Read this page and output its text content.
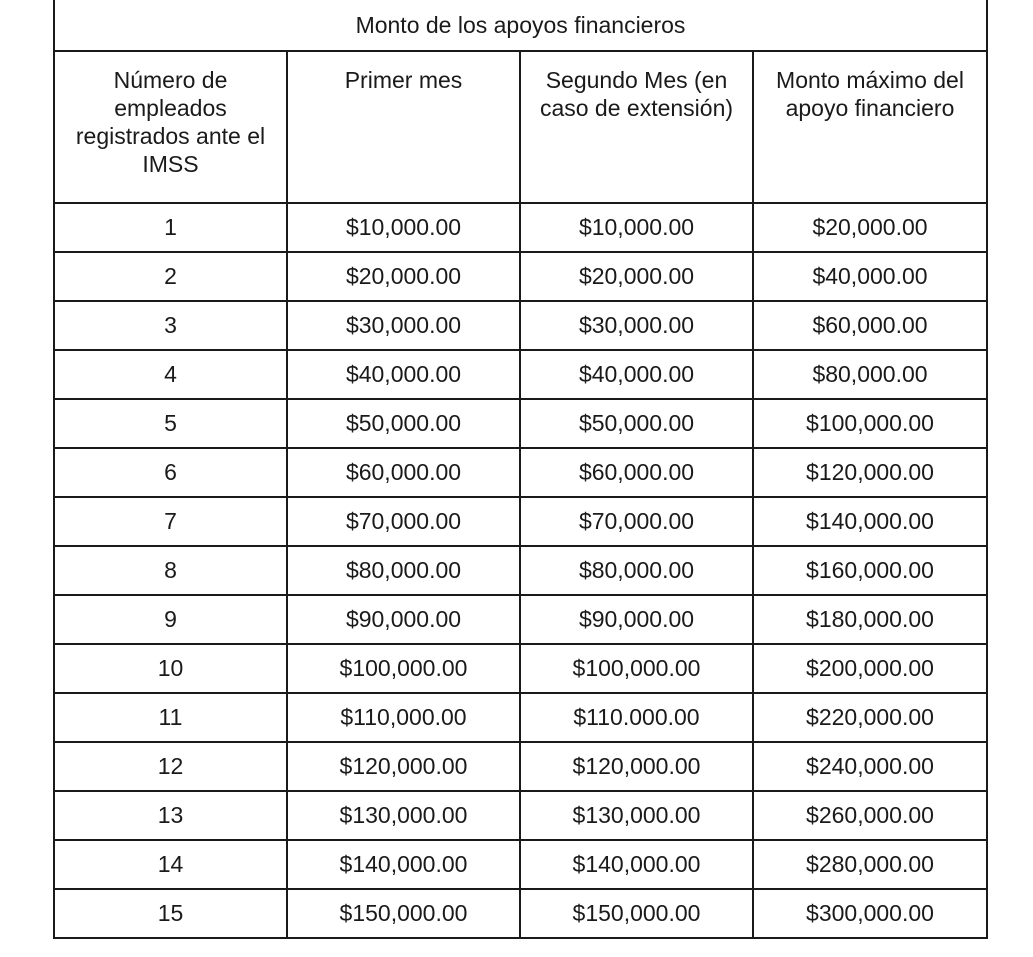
Monto de los apoyos financieros			
Número de empleados registrados ante el IMSS	Primer mes	Segundo Mes (en caso de extensión)	Monto máximo del apoyo financiero
1	$10,000.00	$10,000.00	$20,000.00
2	$20,000.00	$20,000.00	$40,000.00
3	$30,000.00	$30,000.00	$60,000.00
4	$40,000.00	$40,000.00	$80,000.00
5	$50,000.00	$50,000.00	$100,000.00
6	$60,000.00	$60,000.00	$120,000.00
7	$70,000.00	$70,000.00	$140,000.00
8	$80,000.00	$80,000.00	$160,000.00
9	$90,000.00	$90,000.00	$180,000.00
10	$100,000.00	$100,000.00	$200,000.00
11	$110,000.00	$110.000.00	$220,000.00
12	$120,000.00	$120,000.00	$240,000.00
13	$130,000.00	$130,000.00	$260,000.00
14	$140,000.00	$140,000.00	$280,000.00
15	$150,000.00	$150,000.00	$300,000.00
